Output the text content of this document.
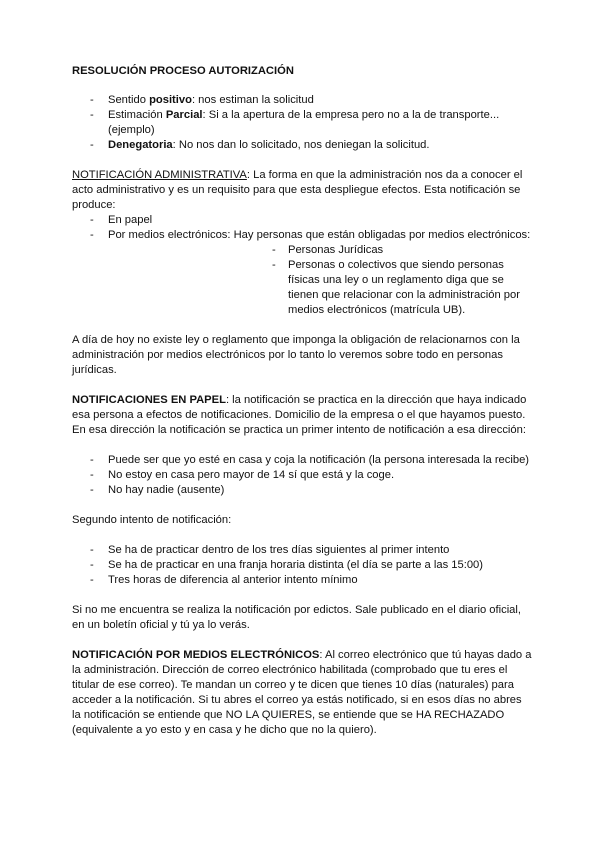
RESOLUCIÓN PROCESO AUTORIZACIÓN

- Sentido positivo: nos estiman la solicitud
- Estimación Parcial: Si a la apertura de la empresa pero no a la de transporte... (ejemplo)
- Denegatoria: No nos dan lo solicitado, nos deniegan la solicitud.

NOTIFICACIÓN ADMINISTRATIVA: La forma en que la administración nos da a conocer el acto administrativo y es un requisito para que esta despliegue efectos. Esta notificación se produce:

- En papel
- Por medios electrónicos: Hay personas que están obligadas por medios electrónicos:
- Personas Jurídicas
- Personas o colectivos que siendo personas físicas una ley o un reglamento diga que se tienen que relacionar con la administración por medios electrónicos (matrícula UB).

A día de hoy no existe ley o reglamento que imponga la obligación de relacionarnos con la administración por medios electrónicos por lo tanto lo veremos sobre todo en personas jurídicas.

NOTIFICACIONES EN PAPEL: la notificación se practica en la dirección que haya indicado esa persona a efectos de notificaciones. Domicilio de la empresa o el que hayamos puesto. En esa dirección la notificación se practica un primer intento de notificación a esa dirección:

- Puede ser que yo esté en casa y coja la notificación (la persona interesada la recibe)
- No estoy en casa pero mayor de 14 sí que está y la coge.
- No hay nadie (ausente)

Segundo intento de notificación:

- Se ha de practicar dentro de los tres días siguientes al primer intento
- Se ha de practicar en una franja horaria distinta (el día se parte a las 15:00)
- Tres horas de diferencia al anterior intento mínimo

Si no me encuentra se realiza la notificación por edictos. Sale publicado en el diario oficial, en un boletín oficial y tú ya lo verás.

NOTIFICACIÓN POR MEDIOS ELECTRÓNICOS: Al correo electrónico que tú hayas dado a la administración. Dirección de correo electrónico habilitada (comprobado que tu eres el titular de ese correo). Te mandan un correo y te dicen que tienes 10 días (naturales) para acceder a la notificación. Si tu abres el correo ya estás notificado, si en esos días no abres la notificación se entiende que NO LA QUIERES, se entiende que se HA RECHAZADO (equivalente a yo esto y en casa y he dicho que no la quiero).
